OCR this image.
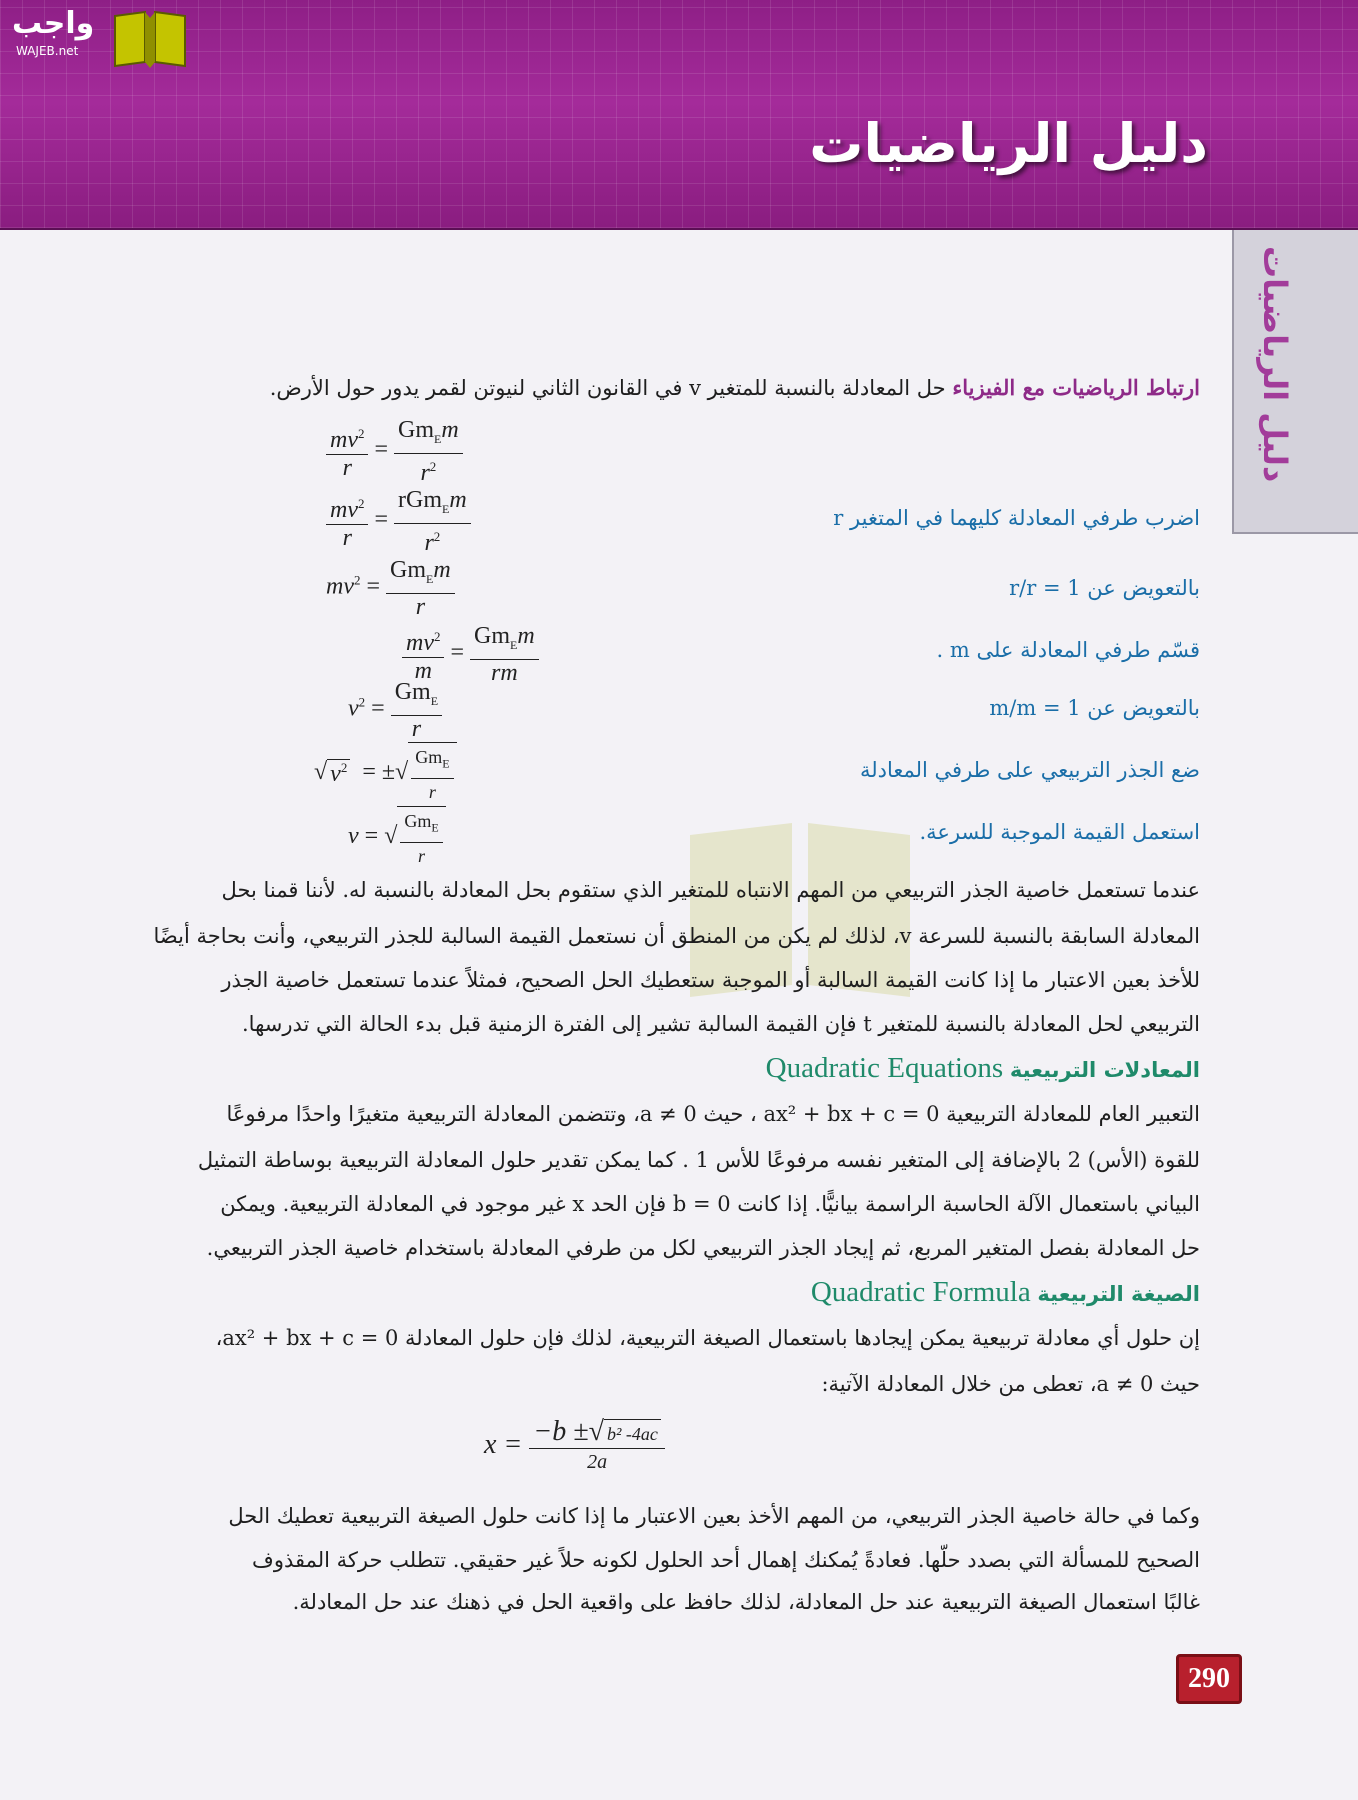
واجب
WAJEB.net
دليل الرياضيات
دليل الرياضيات
ارتباط الرياضيات مع الفيزياء حل المعادلة بالنسبة للمتغير v في القانون الثاني لنيوتن لقمر يدور حول الأرض.
$\frac{mv^2}{r} = \frac{Gm_Em}{r^2}$
$\frac{mv^2}{r} = \frac{rGm_Em}{r^2}$
$mv^2 = \frac{Gm_Em}{r}$
$\frac{mv^2}{m} = \frac{Gm_Em}{rm}$
$v^2 = \frac{Gm_E}{r}$
√ $v^2$  = ±√ $\frac{Gm_E}{r}$
v = √ $\frac{Gm_E}{r}$
اضرب طرفي المعادلة كليهما في المتغير r
بالتعويض عن r/r = 1
قسّم طرفي المعادلة على m .
بالتعويض عن m/m = 1
ضع الجذر التربيعي على طرفي المعادلة
استعمل القيمة الموجبة للسرعة.
عندما تستعمل خاصية الجذر التربيعي من المهم الانتباه للمتغير الذي ستقوم بحل المعادلة بالنسبة له. لأننا قمنا بحل
المعادلة السابقة بالنسبة للسرعة v، لذلك لم يكن من المنطق أن نستعمل القيمة السالبة للجذر التربيعي، وأنت بحاجة أيضًا
للأخذ بعين الاعتبار ما إذا كانت القيمة السالبة أو الموجبة ستعطيك الحل الصحيح، فمثلاً عندما تستعمل خاصية الجذر
التربيعي لحل المعادلة بالنسبة للمتغير t فإن القيمة السالبة تشير إلى الفترة الزمنية قبل بدء الحالة التي تدرسها.
المعادلات التربيعية Quadratic Equations
التعبير العام للمعادلة التربيعية ax² + bx + c = 0 ، حيث a ≠ 0، وتتضمن المعادلة التربيعية متغيرًا واحدًا مرفوعًا
للقوة (الأس) 2 بالإضافة إلى المتغير نفسه مرفوعًا للأس 1 . كما يمكن تقدير حلول المعادلة التربيعية بوساطة التمثيل
البياني باستعمال الآلة الحاسبة الراسمة بيانيًّا. إذا كانت b = 0 فإن الحد x غير موجود في المعادلة التربيعية. ويمكن
حل المعادلة بفصل المتغير المربع، ثم إيجاد الجذر التربيعي لكل من طرفي المعادلة باستخدام خاصية الجذر التربيعي.
الصيغة التربيعية Quadratic Formula
إن حلول أي معادلة تربيعية يمكن إيجادها باستعمال الصيغة التربيعية، لذلك فإن حلول المعادلة ax² + bx + c = 0،
حيث a ≠ 0، تعطى من خلال المعادلة الآتية:
$x = \frac{\text{−b ±√ b² -4ac}}{2a}$
وكما في حالة خاصية الجذر التربيعي، من المهم الأخذ بعين الاعتبار ما إذا كانت حلول الصيغة التربيعية تعطيك الحل
الصحيح للمسألة التي بصدد حلّها. فعادةً يُمكنك إهمال أحد الحلول لكونه حلاً غير حقيقي. تتطلب حركة المقذوف
غالبًا استعمال الصيغة التربيعية عند حل المعادلة، لذلك حافظ على واقعية الحل في ذهنك عند حل المعادلة.
290
